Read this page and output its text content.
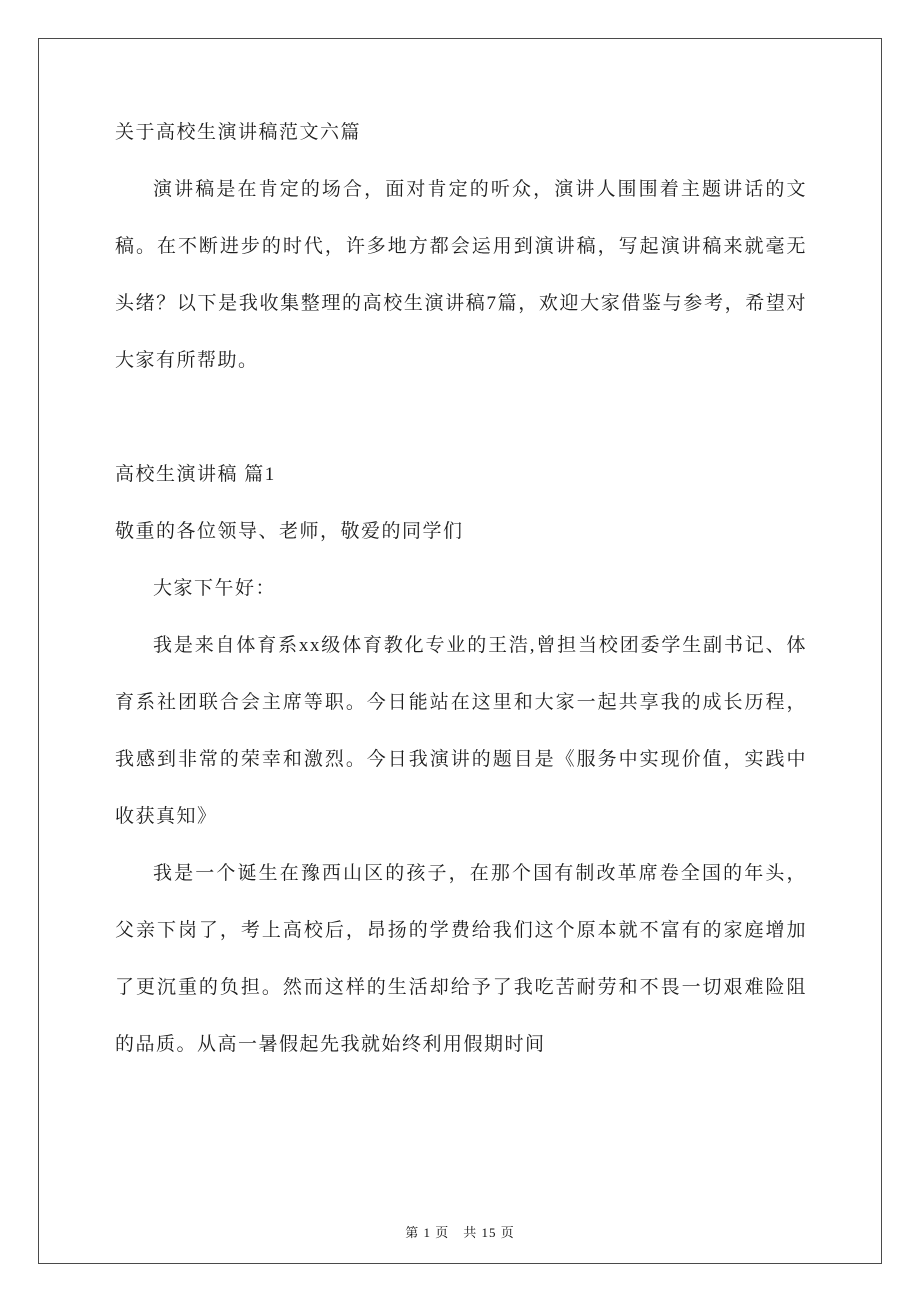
关于高校生演讲稿范文六篇

演讲稿是在肯定的场合，面对肯定的听众，演讲人围围着主题讲话的文稿。在不断进步的时代，许多地方都会运用到演讲稿，写起演讲稿来就毫无头绪？以下是我收集整理的高校生演讲稿7篇，欢迎大家借鉴与参考，希望对大家有所帮助。

高校生演讲稿 篇1

敬重的各位领导、老师，敬爱的同学们

大家下午好：

我是来自体育系xx级体育教化专业的王浩,曾担当校团委学生副书记、体育系社团联合会主席等职。今日能站在这里和大家一起共享我的成长历程，我感到非常的荣幸和激烈。今日我演讲的题目是《服务中实现价值，实践中收获真知》

我是一个诞生在豫西山区的孩子，在那个国有制改革席卷全国的年头，父亲下岗了，考上高校后，昂扬的学费给我们这个原本就不富有的家庭增加了更沉重的负担。然而这样的生活却给予了我吃苦耐劳和不畏一切艰难险阻的品质。从高一暑假起先我就始终利用假期时间

第 1 页　共 15 页
